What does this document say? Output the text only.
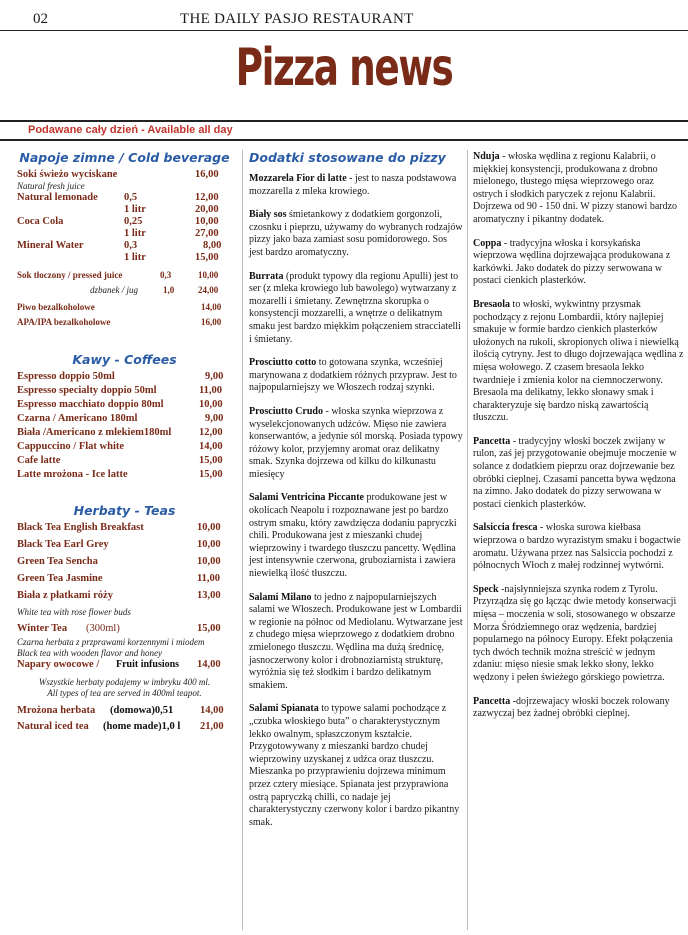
02	THE DAILY PASJO RESTAURANT
Pizza news
Podawane cały dzień - Available all day
Napoje zimne / Cold beverage
Soki świeżo wyciskane	16,00
Natural fresh juice
Natural lemonade 0,5	12,00
1 litr	20,00
Coca Cola	0,25	10,00
1 litr	27,00
Mineral Water	0,3	8,00
1 litr	15,00
Sok tłoczony / pressed juice	0,3	10,00
dzbanek / jug	1,0	24,00
Piwo bezalkoholowe	14,00
APA/IPA bezalkoholowe	16,00
Kawy - Coffees
Espresso doppio 50ml	9,00
Espresso specialty doppio 50ml	11,00
Espresso macchiato doppio 80ml	10,00
Czarna / Americano 180ml	9,00
Biała /Americano z mlekiem180ml	12,00
Cappuccino / Flat white	14,00
Cafe latte	15,00
Latte mrożona - Ice latte	15,00
Herbaty - Teas
Black Tea English Breakfast	10,00
Black Tea Earl Grey	10,00
Green Tea Sencha	10,00
Green Tea Jasmine	11,00
Biała z płatkami róży	13,00
White tea with rose flower buds
Winter Tea (300ml)	15,00
Czarna herbata z przprawami korzennymi i miodem
Black tea with wooden flavor and honey
Napary owocowe / Fruit infusions 14,00
Wszystkie herbaty podajemy w imbryku 400 ml.
All types of tea are served in 400ml teapot.
Mrożona herbata (domowa)0,51	14,00
Natural iced tea (home made)1,0 l 21,00
Dodatki stosowane do pizzy

Mozzarela Fior di latte - jest to nasza podstawowa mozzarella z mleka krowiego.

Biały sos śmietankowy z dodatkiem gorgonzoli, czosnku i pieprzu, używamy do wybranych rodzajów pizzy jako baza zamiast sosu pomidorowego. Sos jest bardzo aromatyczny.

Burrata (produkt typowy dla regionu Apulli) jest to ser (z mleka krowiego lub bawolego) wytwarzany z mozarelli i śmietany. Zewnętrzna skorupka o konsystencji mozzarelli, a wnętrze o delikatnym smaku jest bardzo miękkim połączeniem stracciatelli i śmietany.

Prosciutto cotto to gotowana szynka, wcześniej marynowana z dodatkiem różnych przypraw. Jest to najpopularniejszy we Włoszech rodzaj szynki.

Prosciutto Crudo - włoska szynka wieprzowa z wyselekcjonowanych udźców. Mięso nie zawiera konserwantów, a jedynie sól morską. Posiada typowy różowy kolor, przyjemny aromat oraz delikatny smak. Szynka dojrzewa od kilku do kilkunastu miesięcy

Salami Ventricina Piccante produkowane jest w okolicach Neapolu i rozpoznawane jest po bardzo ostrym smaku, który zawdzięcza dodaniu papryczki chili. Produkowana jest z mieszanki chudej wieprzowiny i twardego tłuszczu pancetty. Wędlina jest intensywnie czerwona, gruboziarnista i zawiera niewielką ilość tłuszczu.

Salami Milano to jedno z najpopularniejszych salami we Włoszech. Produkowane jest w Lombardii w regionie na północ od Mediolanu. Wytwarzane jest z chudego mięsa wieprzowego z dodatkiem drobno zmielonego tłuszczu. Wędlina ma dużą średnicę, jasnoczerwony kolor i drobnoziarnistą strukturę, wyróżnia się też słodkim i bardzo delikatnym smakiem.

Salami Spianata to typowe salami pochodzące z „czubka włoskiego buta” o charakterystycznym lekko owalnym, spłaszczonym kształcie. Przygotowywany z mieszanki bardzo chudej wieprzowiny uzyskanej z udźca oraz tłuszczu. Mieszanka po przyprawieniu dojrzewa minimum przez cztery miesiące. Spianata jest przyprawiona ostrą papryczką chilli, co nadaje jej charakterystyczny czerwony kolor i bardzo pikantny smak.

Nduja - włoska wędlina z regionu Kalabrii, o miękkiej konsystencji, produkowana z drobno mielonego, tłustego mięsa wieprzowego oraz ostrych i słodkich paryczek z rejonu Kalabrii. Dojrzewa od 90 - 150 dni. W pizzy stanowi bardzo aromatyczny i pikantny dodatek.

Coppa - tradycyjna włoska i korsykańska wieprzowa wędlina dojrzewająca produkowana z karkówki. Jako dodatek do pizzy serwowana w postaci cienkich plasterków.

Bresaola to włoski, wykwintny przysmak pochodzący z rejonu Lombardii, który najlepiej smakuje w formie bardzo cienkich plasterków ułożonych na rukoli, skropionych oliwa i niewielką ilością cytryny. Jest to długo dojrzewająca wędlina z mięsa wołowego. Z czasem bresaola lekko twardnieje i zmienia kolor na ciemnoczerwony. Bresaola ma delikatny, lekko słonawy smak i charakteryzuje się bardzo niską zawartością tłuszczu.

Pancetta - tradycyjny włoski boczek zwijany w rulon, zaś jej przygotowanie obejmuje moczenie w solance z dodatkiem pieprzu oraz dojrzewanie bez obróbki cieplnej. Czasami pancetta bywa wędzona na zimno. Jako dodatek do pizzy serwowana w postaci cienkich plasterków.

Salsiccia fresca - włoska surowa kiełbasa wieprzowa o bardzo wyrazistym smaku i bogactwie aromatu. Używana przez nas Salsiccia pochodzi z północnych Włoch z małej rodzinnej wytwórni.

Speck -najsłynniejsza szynka rodem z Tyrolu. Przyrządza się go łącząc dwie metody konserwacji mięsa – moczenia w soli, stosowanego w obszarze Morza Śródziemnego oraz wędzenia, bardziej popularnego na północy Europy. Efekt połączenia tych dwóch technik można streścić w jednym zdaniu: mięso niesie smak lekko słony, lekko wędzony i pełen świeżego górskiego powietrza.

Pancetta -dojrzewajacy włoski boczek rolowany zazwyczaj bez żadnej obróbki cieplnej.
